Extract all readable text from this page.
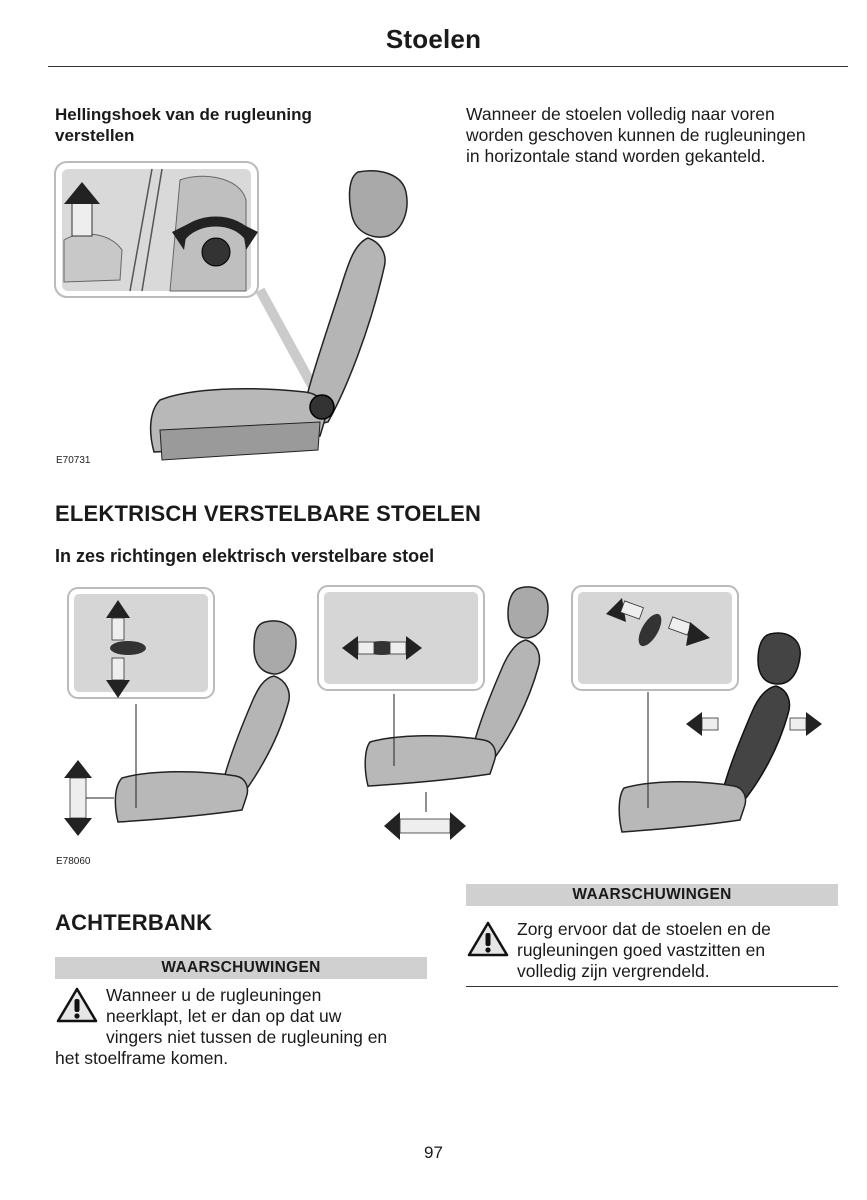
Stoelen
Hellingshoek van de rugleuning
verstellen
Wanneer de stoelen volledig naar voren
worden geschoven kunnen de rugleuningen
in horizontale stand worden gekanteld.
E70731
ELEKTRISCH VERSTELBARE STOELEN
In zes richtingen elektrisch verstelbare stoel
E78060
ACHTERBANK
WAARSCHUWINGEN
Wanneer u de rugleuningen
neerklapt, let er dan op dat uw
vingers niet tussen de rugleuning en
het stoelframe komen.
WAARSCHUWINGEN
Zorg ervoor dat de stoelen en de
rugleuningen goed vastzitten en
volledig zijn vergrendeld.
97
